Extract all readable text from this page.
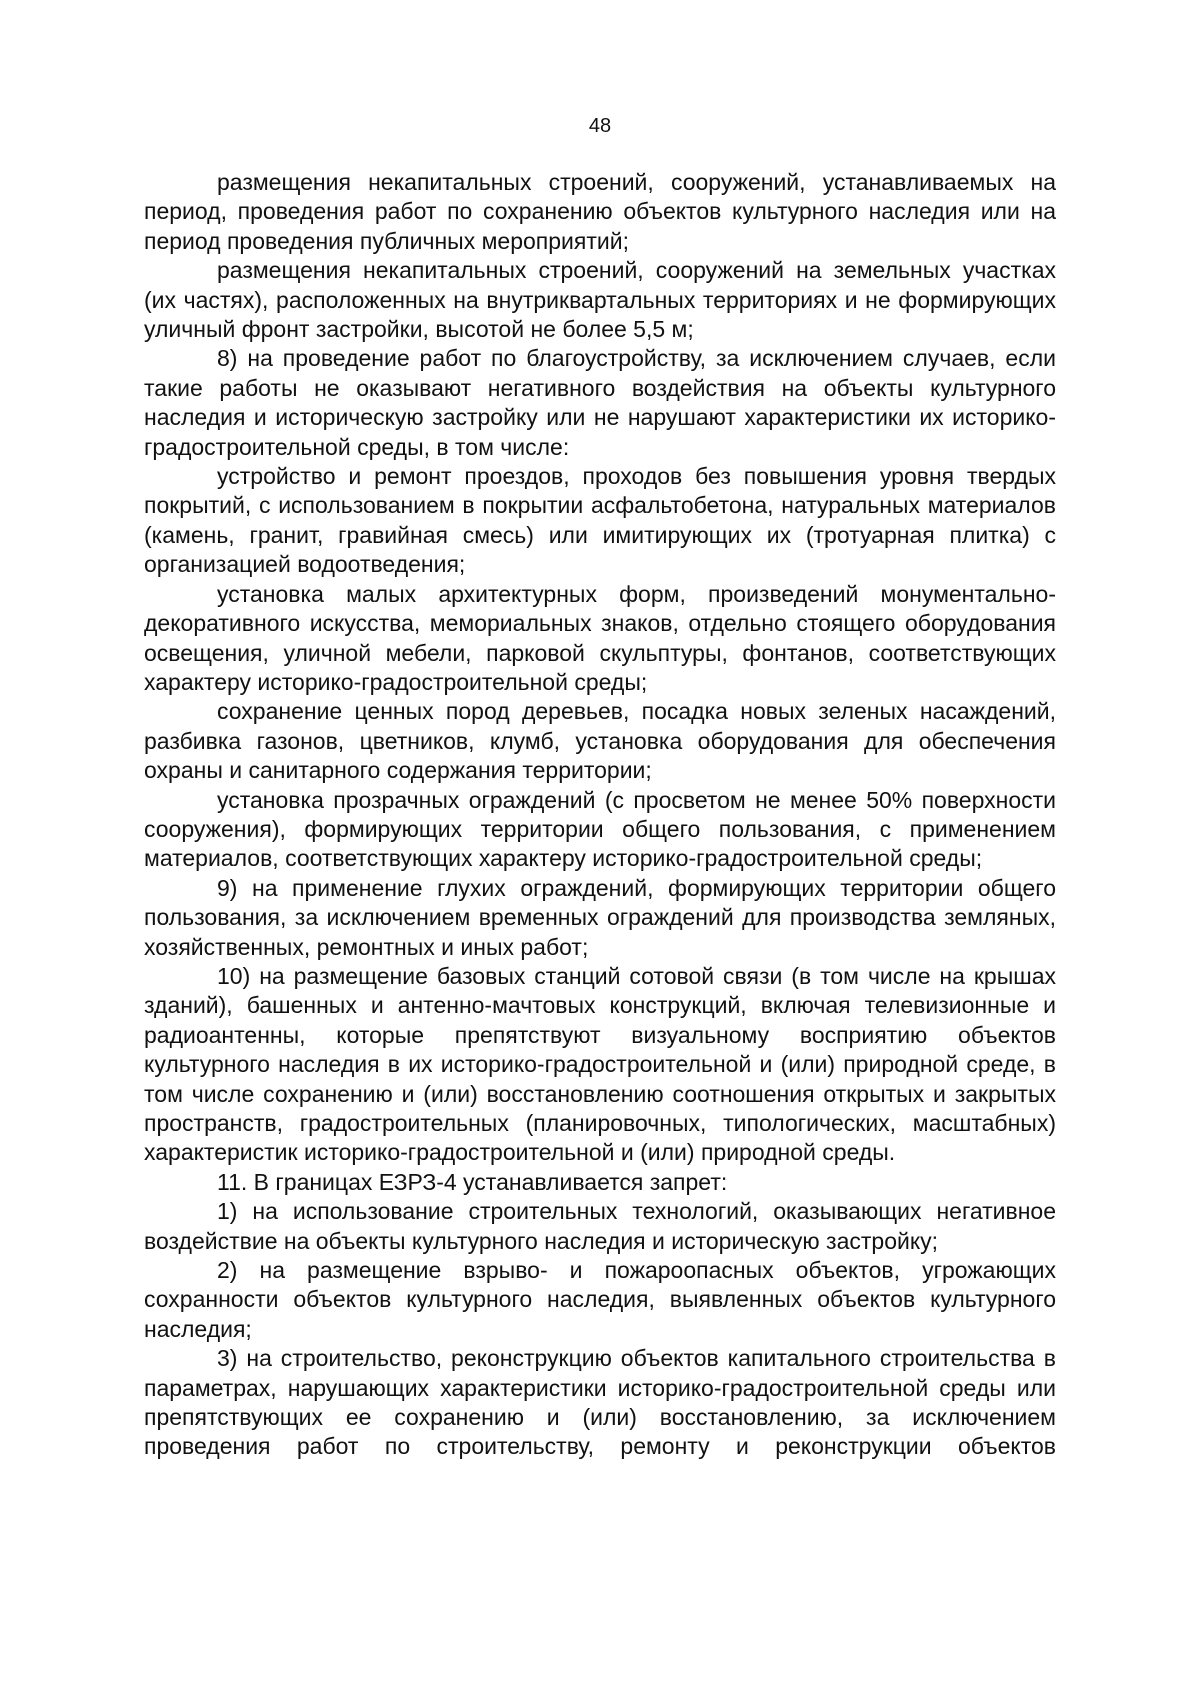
48

размещения некапитальных строений, сооружений, устанавливаемых на период, проведения работ по сохранению объектов культурного наследия или на период проведения публичных мероприятий;

размещения некапитальных строений, сооружений на земельных участках (их частях), расположенных на внутриквартальных территориях и не формирующих уличный фронт застройки, высотой не более 5,5 м;

8) на проведение работ по благоустройству, за исключением случаев, если такие работы не оказывают негативного воздействия на объекты культурного наследия и историческую застройку или не нарушают характеристики их историко-градостроительной среды, в том числе:

устройство и ремонт проездов, проходов без повышения уровня твердых покрытий, с использованием в покрытии асфальтобетона, натуральных материалов (камень, гранит, гравийная смесь) или имитирующих их (тротуарная плитка) с организацией водоотведения;

установка малых архитектурных форм, произведений монументально-декоративного искусства, мемориальных знаков, отдельно стоящего оборудования освещения, уличной мебели, парковой скульптуры, фонтанов, соответствующих характеру историко-градостроительной среды;

сохранение ценных пород деревьев, посадка новых зеленых насаждений, разбивка газонов, цветников, клумб, установка оборудования для обеспечения охраны и санитарного содержания территории;

установка прозрачных ограждений (с просветом не менее 50% поверхности сооружения), формирующих территории общего пользования, с применением материалов, соответствующих характеру историко-градостроительной среды;

9) на применение глухих ограждений, формирующих территории общего пользования, за исключением временных ограждений для производства земляных, хозяйственных, ремонтных и иных работ;

10) на размещение базовых станций сотовой связи (в том числе на крышах зданий), башенных и антенно-мачтовых конструкций, включая телевизионные и радиоантенны, которые препятствуют визуальному восприятию объектов культурного наследия в их историко-градостроительной и (или) природной среде, в том числе сохранению и (или) восстановлению соотношения открытых и закрытых пространств, градостроительных (планировочных, типологических, масштабных) характеристик историко-градостроительной и (или) природной среды.

11. В границах ЕЗРЗ-4 устанавливается запрет:

1) на использование строительных технологий, оказывающих негативное воздействие на объекты культурного наследия и историческую застройку;

2) на размещение взрыво- и пожароопасных объектов, угрожающих сохранности объектов культурного наследия, выявленных объектов культурного наследия;

3) на строительство, реконструкцию объектов капитального строительства в параметрах, нарушающих характеристики историко-градостроительной среды или препятствующих ее сохранению и (или) восстановлению, за исключением проведения работ по строительству, ремонту и реконструкции объектов
